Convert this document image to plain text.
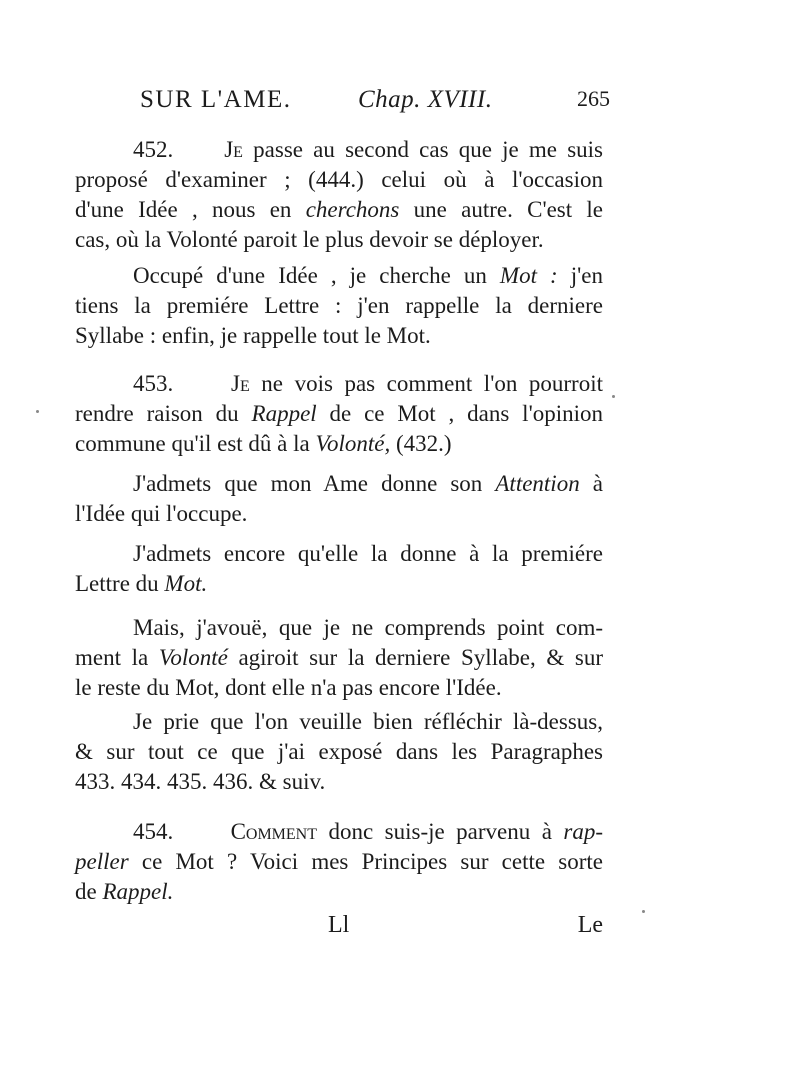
SUR L'AME.	Chap. XVIII.	265
452. Je passe au second cas que je me suis
proposé d'examiner ; (444.) celui où à l'occasion
d'une Idée , nous en cherchons une autre. C'est le
cas, où la Volonté paroit le plus devoir se déployer.
Occupé d'une Idée , je cherche un Mot : j'en
tiens la premiére Lettre : j'en rappelle la derniere
Syllabe : enfin, je rappelle tout le Mot.
453.	Je ne vois pas comment l'on pourroit
rendre raison du Rappel de ce Mot , dans l'opinion
commune qu'il est dû à la Volonté, (432.)
J'admets que mon Ame donne son Attention à
l'Idée qui l'occupe.
J'admets encore qu'elle la donne à la premiére
Lettre du Mot.
Mais, j'avouë, que je ne comprends point com-
ment la Volonté agiroit sur la derniere Syllabe, & sur
le reste du Mot, dont elle n'a pas encore l'Idée.
Je prie que l'on veuille bien réfléchir là-dessus,
& sur tout ce que j'ai exposé dans les Paragraphes
433. 434. 435. 436. & suiv.
454. Comment donc suis-je parvenu à rap-
peller ce Mot ? Voici mes Principes sur cette sorte
de Rappel.
Ll	Le
